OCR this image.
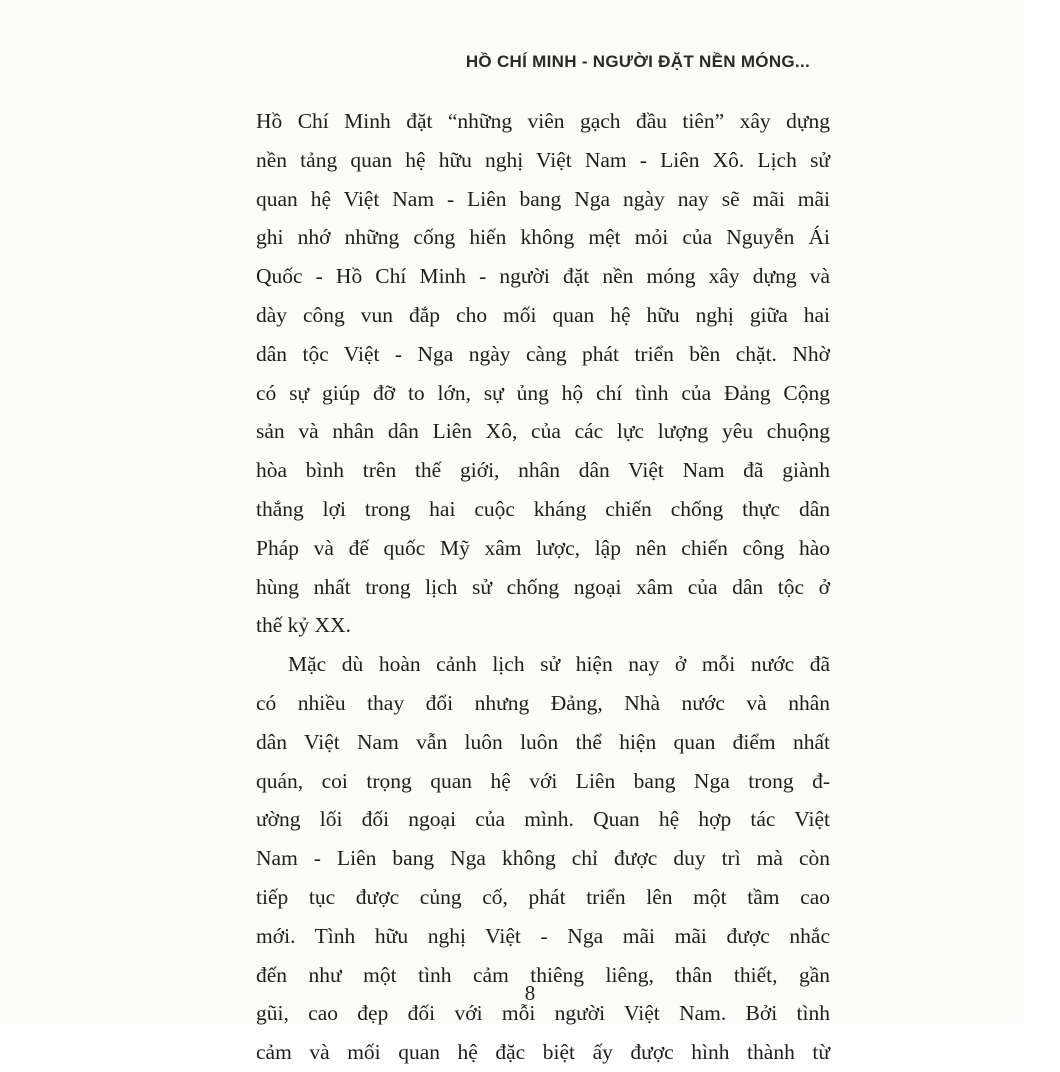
HỒ CHÍ MINH - NGƯỜI ĐẶT NỀN MÓNG...
Hồ Chí Minh đặt “những viên gạch đầu tiên” xây dựng
nền tảng quan hệ hữu nghị Việt Nam - Liên Xô. Lịch sử
quan hệ Việt Nam - Liên bang Nga ngày nay sẽ mãi mãi
ghi nhớ những cống hiến không mệt mỏi của Nguyễn Ái
Quốc - Hồ Chí Minh - người đặt nền móng xây dựng và
dày công vun đắp cho mối quan hệ hữu nghị giữa hai
dân tộc Việt - Nga ngày càng phát triển bền chặt. Nhờ
có sự giúp đỡ to lớn, sự ủng hộ chí tình của Đảng Cộng
sản và nhân dân Liên Xô, của các lực lượng yêu chuộng
hòa bình trên thế giới, nhân dân Việt Nam đã giành
thắng lợi trong hai cuộc kháng chiến chống thực dân
Pháp và đế quốc Mỹ xâm lược, lập nên chiến công hào
hùng nhất trong lịch sử chống ngoại xâm của dân tộc ở
thế kỷ XX.
Mặc dù hoàn cảnh lịch sử hiện nay ở mỗi nước đã
có nhiều thay đổi nhưng Đảng, Nhà nước và nhân
dân Việt Nam vẫn luôn luôn thể hiện quan điểm nhất
quán, coi trọng quan hệ với Liên bang Nga trong đ-
ường lối đối ngoại của mình. Quan hệ hợp tác Việt
Nam - Liên bang Nga không chỉ được duy trì mà còn
tiếp tục được củng cố, phát triển lên một tầm cao
mới. Tình hữu nghị Việt - Nga mãi mãi được nhắc
đến như một tình cảm thiêng liêng, thân thiết, gần
gũi, cao đẹp đối với mỗi người Việt Nam. Bởi tình
cảm và mối quan hệ đặc biệt ấy được hình thành từ
8
